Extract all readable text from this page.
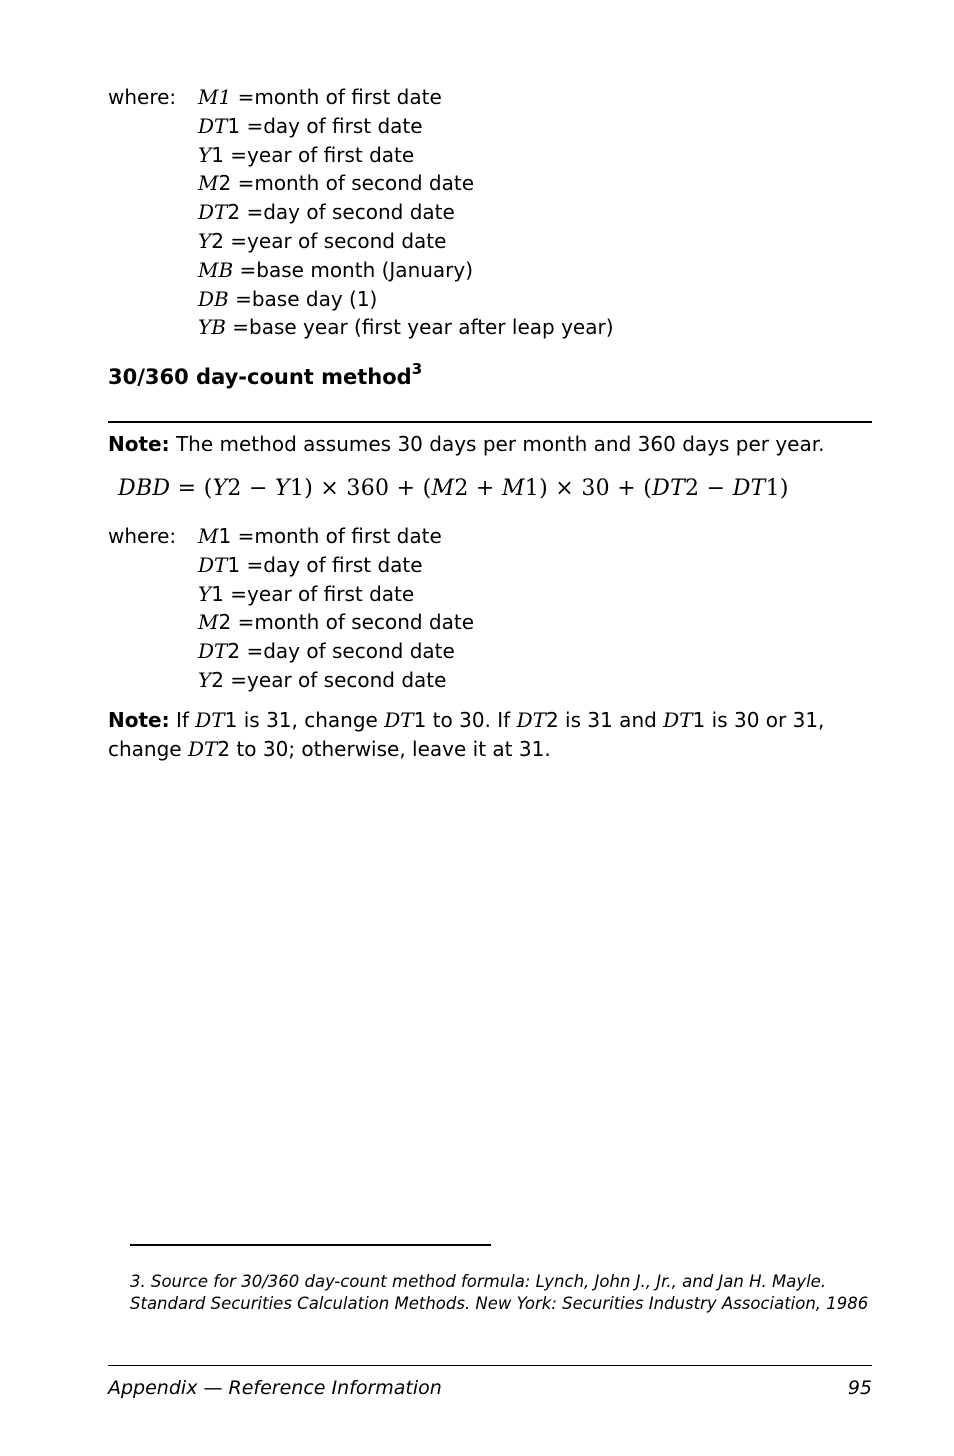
where: M1 =month of first date
DT1 =day of first date
Y1 =year of first date
M2 =month of second date
DT2 =day of second date
Y2 =year of second date
MB =base month (January)
DB =base day (1)
YB =base year (first year after leap year)
30/360 day-count method$^3$
Note: The method assumes 30 days per month and 360 days per year.
DBD = (Y2 − Y1) × 360 + (M2 + M1) × 30 + (DT2 − DT1)
where: M1 =month of first date
DT1 =day of first date
Y1 =year of first date
M2 =month of second date
DT2 =day of second date
Y2 =year of second date
Note: If DT1 is 31, change DT1 to 30. If DT2 is 31 and DT1 is 30 or 31, change DT2 to 30; otherwise, leave it at 31.
3. Source for 30/360 day-count method formula: Lynch, John J., Jr., and Jan H. Mayle. Standard Securities Calculation Methods. New York: Securities Industry Association, 1986
Appendix — Reference Information	95
